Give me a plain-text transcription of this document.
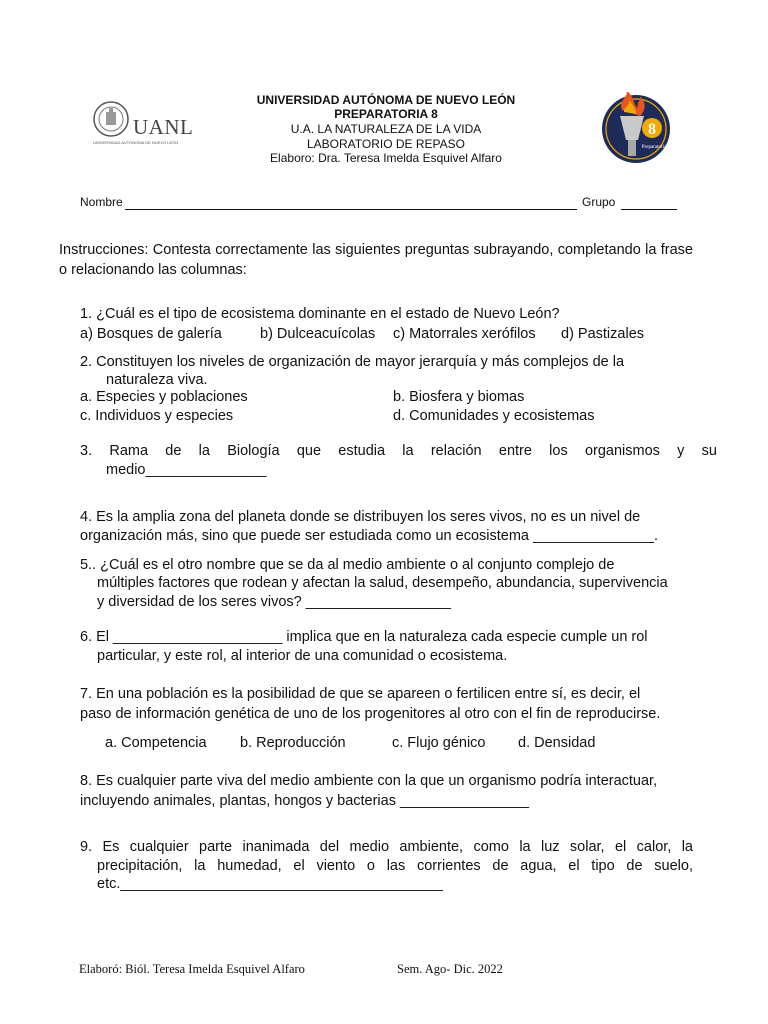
UANL
UNIVERSIDAD AUTÓNOMA DE NUEVO LEÓN
8
Preparatoria
UNIVERSIDAD AUTÓNOMA DE NUEVO LEÓN
PREPARATORIA 8
U.A. LA NATURALEZA DE LA VIDA
LABORATORIO DE REPASO
Elaboro: Dra. Teresa Imelda Esquivel Alfaro
Nombre	Grupo
Instrucciones: Contesta correctamente las siguientes preguntas subrayando, completando la frase o relacionando las columnas:
1. ¿Cuál es el tipo de ecosistema dominante en el estado de Nuevo León?
a) Bosques de galería	b) Dulceacuícolas c) Matorrales xerófilos d) Pastizales
2. Constituyen los niveles de organización de mayor jerarquía y más complejos de la
naturaleza viva.
a. Especies y poblaciones	b. Biosfera y biomas
c. Individuos y especies	d. Comunidades y ecosistemas
3. Rama de la Biología que estudia la relación entre los organismos y su
medio_______________
4. Es la amplia zona del planeta donde se distribuyen los seres vivos, no es un nivel de
organización más, sino que puede ser estudiada como un ecosistema _______________.
5.. ¿Cuál es el otro nombre que se da al medio ambiente o al conjunto complejo de
múltiples factores que rodean y afectan la salud, desempeño, abundancia, supervivencia
y diversidad de los seres vivos? __________________
6. El _____________________ implica que en la naturaleza cada especie cumple un rol
particular, y este rol, al interior de una comunidad o ecosistema.
7. En una población es la posibilidad de que se apareen o fertilicen entre sí, es decir, el
paso de información genética de uno de los progenitores al otro con el fin de reproducirse.
a. Competencia b. Reproducción	c. Flujo génico d. Densidad
8. Es cualquier parte viva del medio ambiente con la que un organismo podría interactuar,
incluyendo animales, plantas, hongos y bacterias ________________
9. Es cualquier parte inanimada del medio ambiente, como la luz solar, el calor, la
precipitación, la humedad, el viento o las corrientes de agua, el tipo de suelo,
etc.________________________________________
Elaboró: Biól. Teresa Imelda Esquivel Alfaro	Sem. Ago- Dic. 2022
